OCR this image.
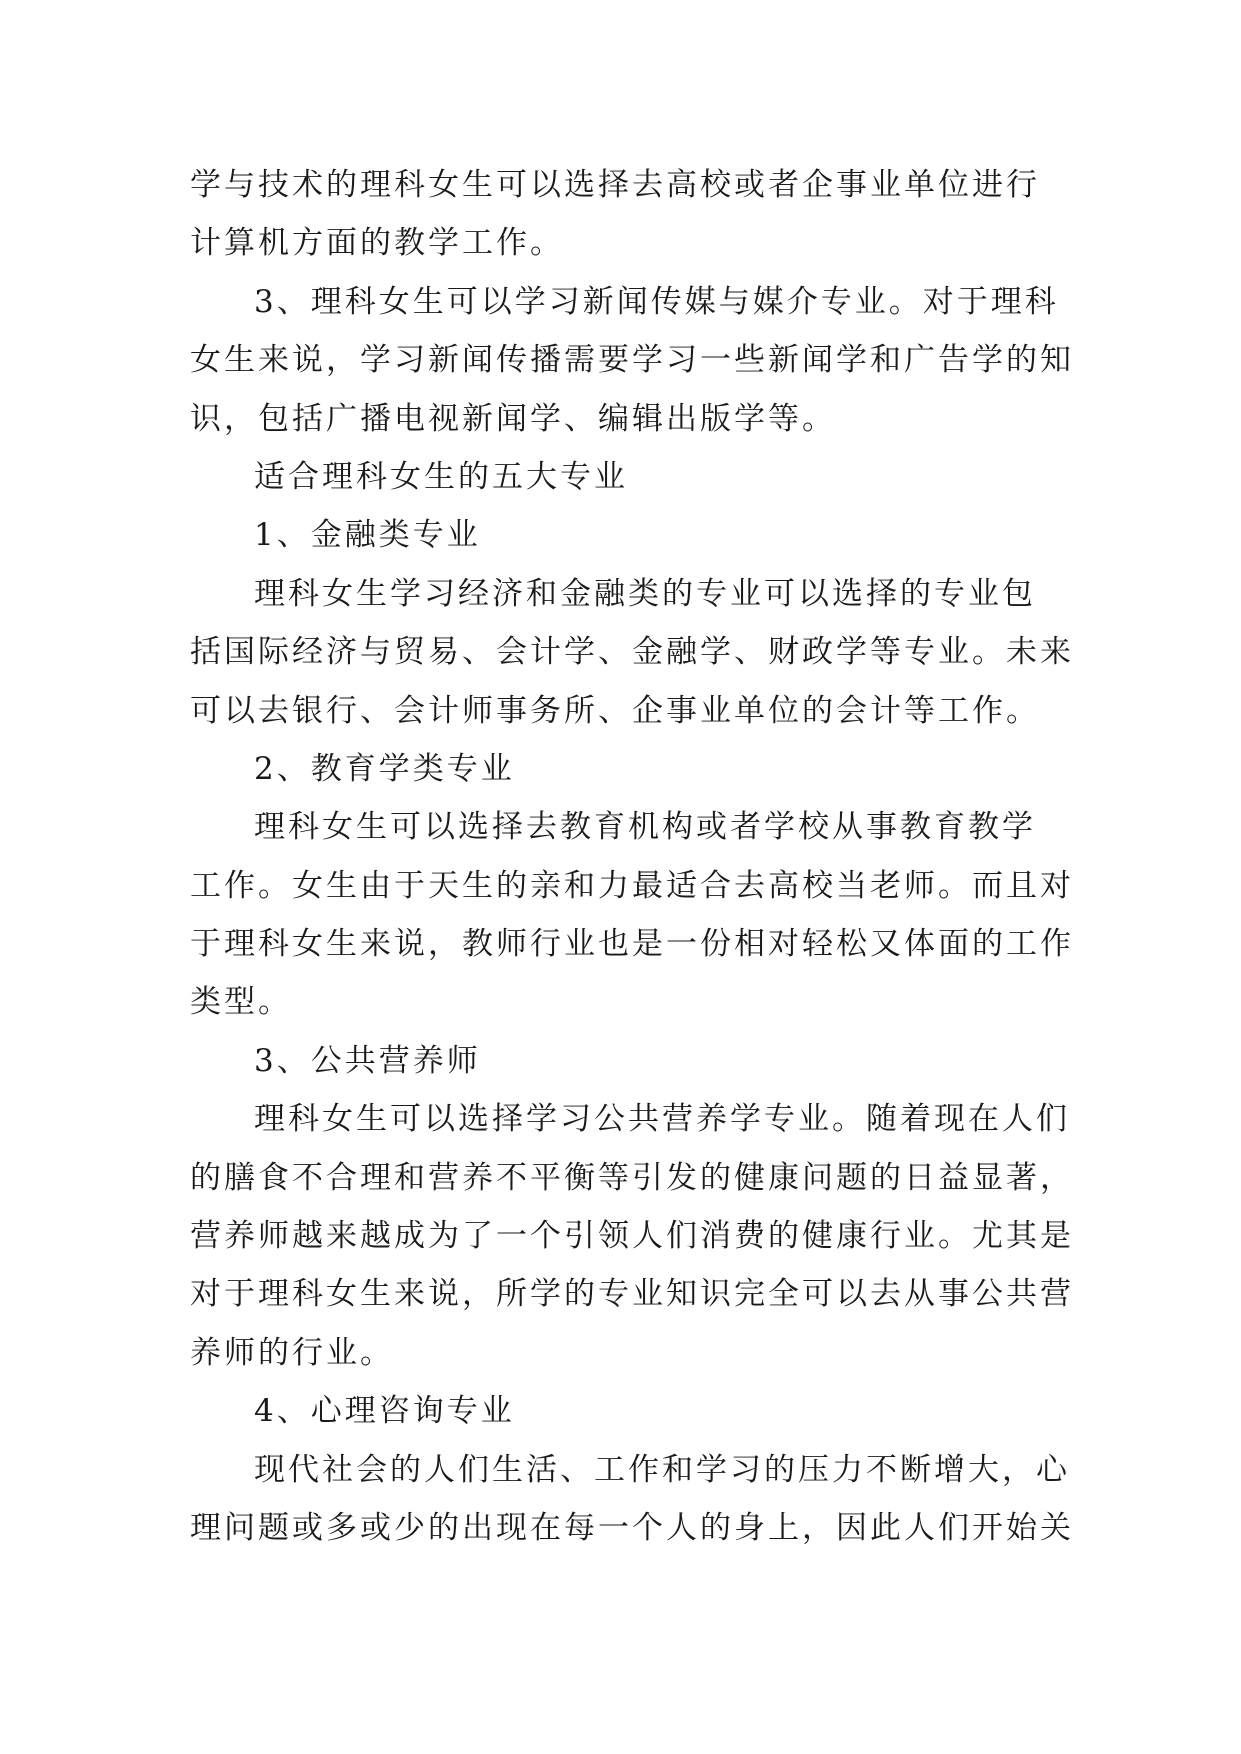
学与技术的理科女生可以选择去高校或者企事业单位进行
计算机方面的教学工作。
3、理科女生可以学习新闻传媒与媒介专业。对于理科
女生来说，学习新闻传播需要学习一些新闻学和广告学的知
识，包括广播电视新闻学、编辑出版学等。
适合理科女生的五大专业
1、金融类专业
理科女生学习经济和金融类的专业可以选择的专业包
括国际经济与贸易、会计学、金融学、财政学等专业。未来
可以去银行、会计师事务所、企事业单位的会计等工作。
2、教育学类专业
理科女生可以选择去教育机构或者学校从事教育教学
工作。女生由于天生的亲和力最适合去高校当老师。而且对
于理科女生来说，教师行业也是一份相对轻松又体面的工作
类型。
3、公共营养师
理科女生可以选择学习公共营养学专业。随着现在人们
的膳食不合理和营养不平衡等引发的健康问题的日益显著，
营养师越来越成为了一个引领人们消费的健康行业。尤其是
对于理科女生来说，所学的专业知识完全可以去从事公共营
养师的行业。
4、心理咨询专业
现代社会的人们生活、工作和学习的压力不断增大，心
理问题或多或少的出现在每一个人的身上，因此人们开始关
